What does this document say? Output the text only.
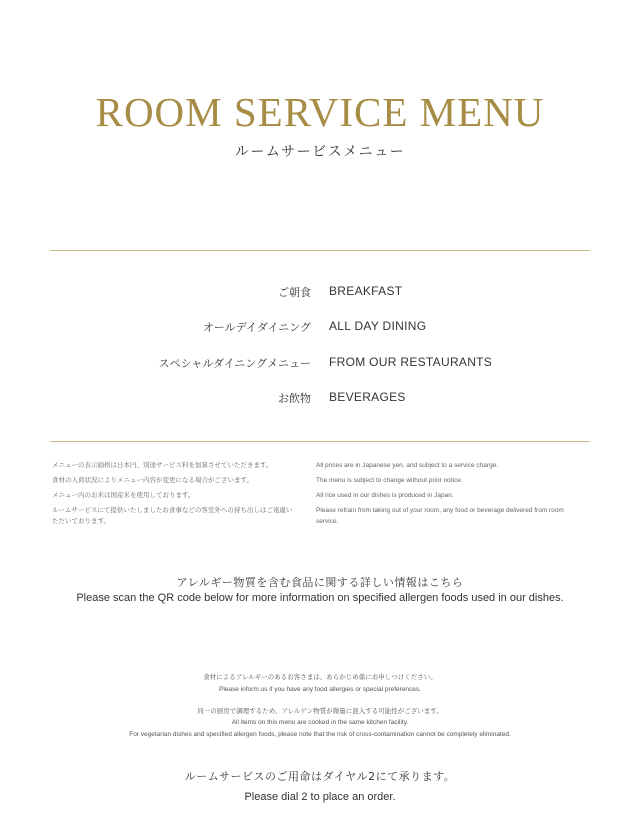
ROOM SERVICE MENU
ルームサービスメニュー
ご朝食 BREAKFAST
オールデイダイニング ALL DAY DINING
スペシャルダイニングメニュー FROM OUR RESTAURANTS
お飲物 BEVERAGES
メニューの表示価格は日本円、別途サービス料を加算させていただきます。
食材の入荷状況によりメニュー内容が変更になる場合がございます。
メニュー内のお米は国産米を使用しております。
ルームサービスにて提供いたしましたお食事などの客室外への持ち出しはご遠慮いただいております。
All prices are in Japanese yen, and subject to a service charge.
The menu is subject to change without prior notice.
All rice used in our dishes is produced in Japan.
Please refrain from taking out of your room, any food or beverage delivered from room service.
アレルギー物質を含む食品に関する詳しい情報はこちら
Please scan the QR code below for more information on specified allergen foods used in our dishes.
食材によるアレルギーのあるお客さまは、あらかじめ係にお申しつけください。
Please inform us if you have any food allergies or special preferences.
同一の厨房で調理するため、アレルゲン物質が微量に混入する可能性がございます。
All items on this menu are cooked in the same kitchen facility.
For vegetarian dishes and specified allergen foods, please note that the risk of cross-contamination cannot be completely eliminated.
ルームサービスのご用命はダイヤル2にて承ります。
Please dial 2 to place an order.
